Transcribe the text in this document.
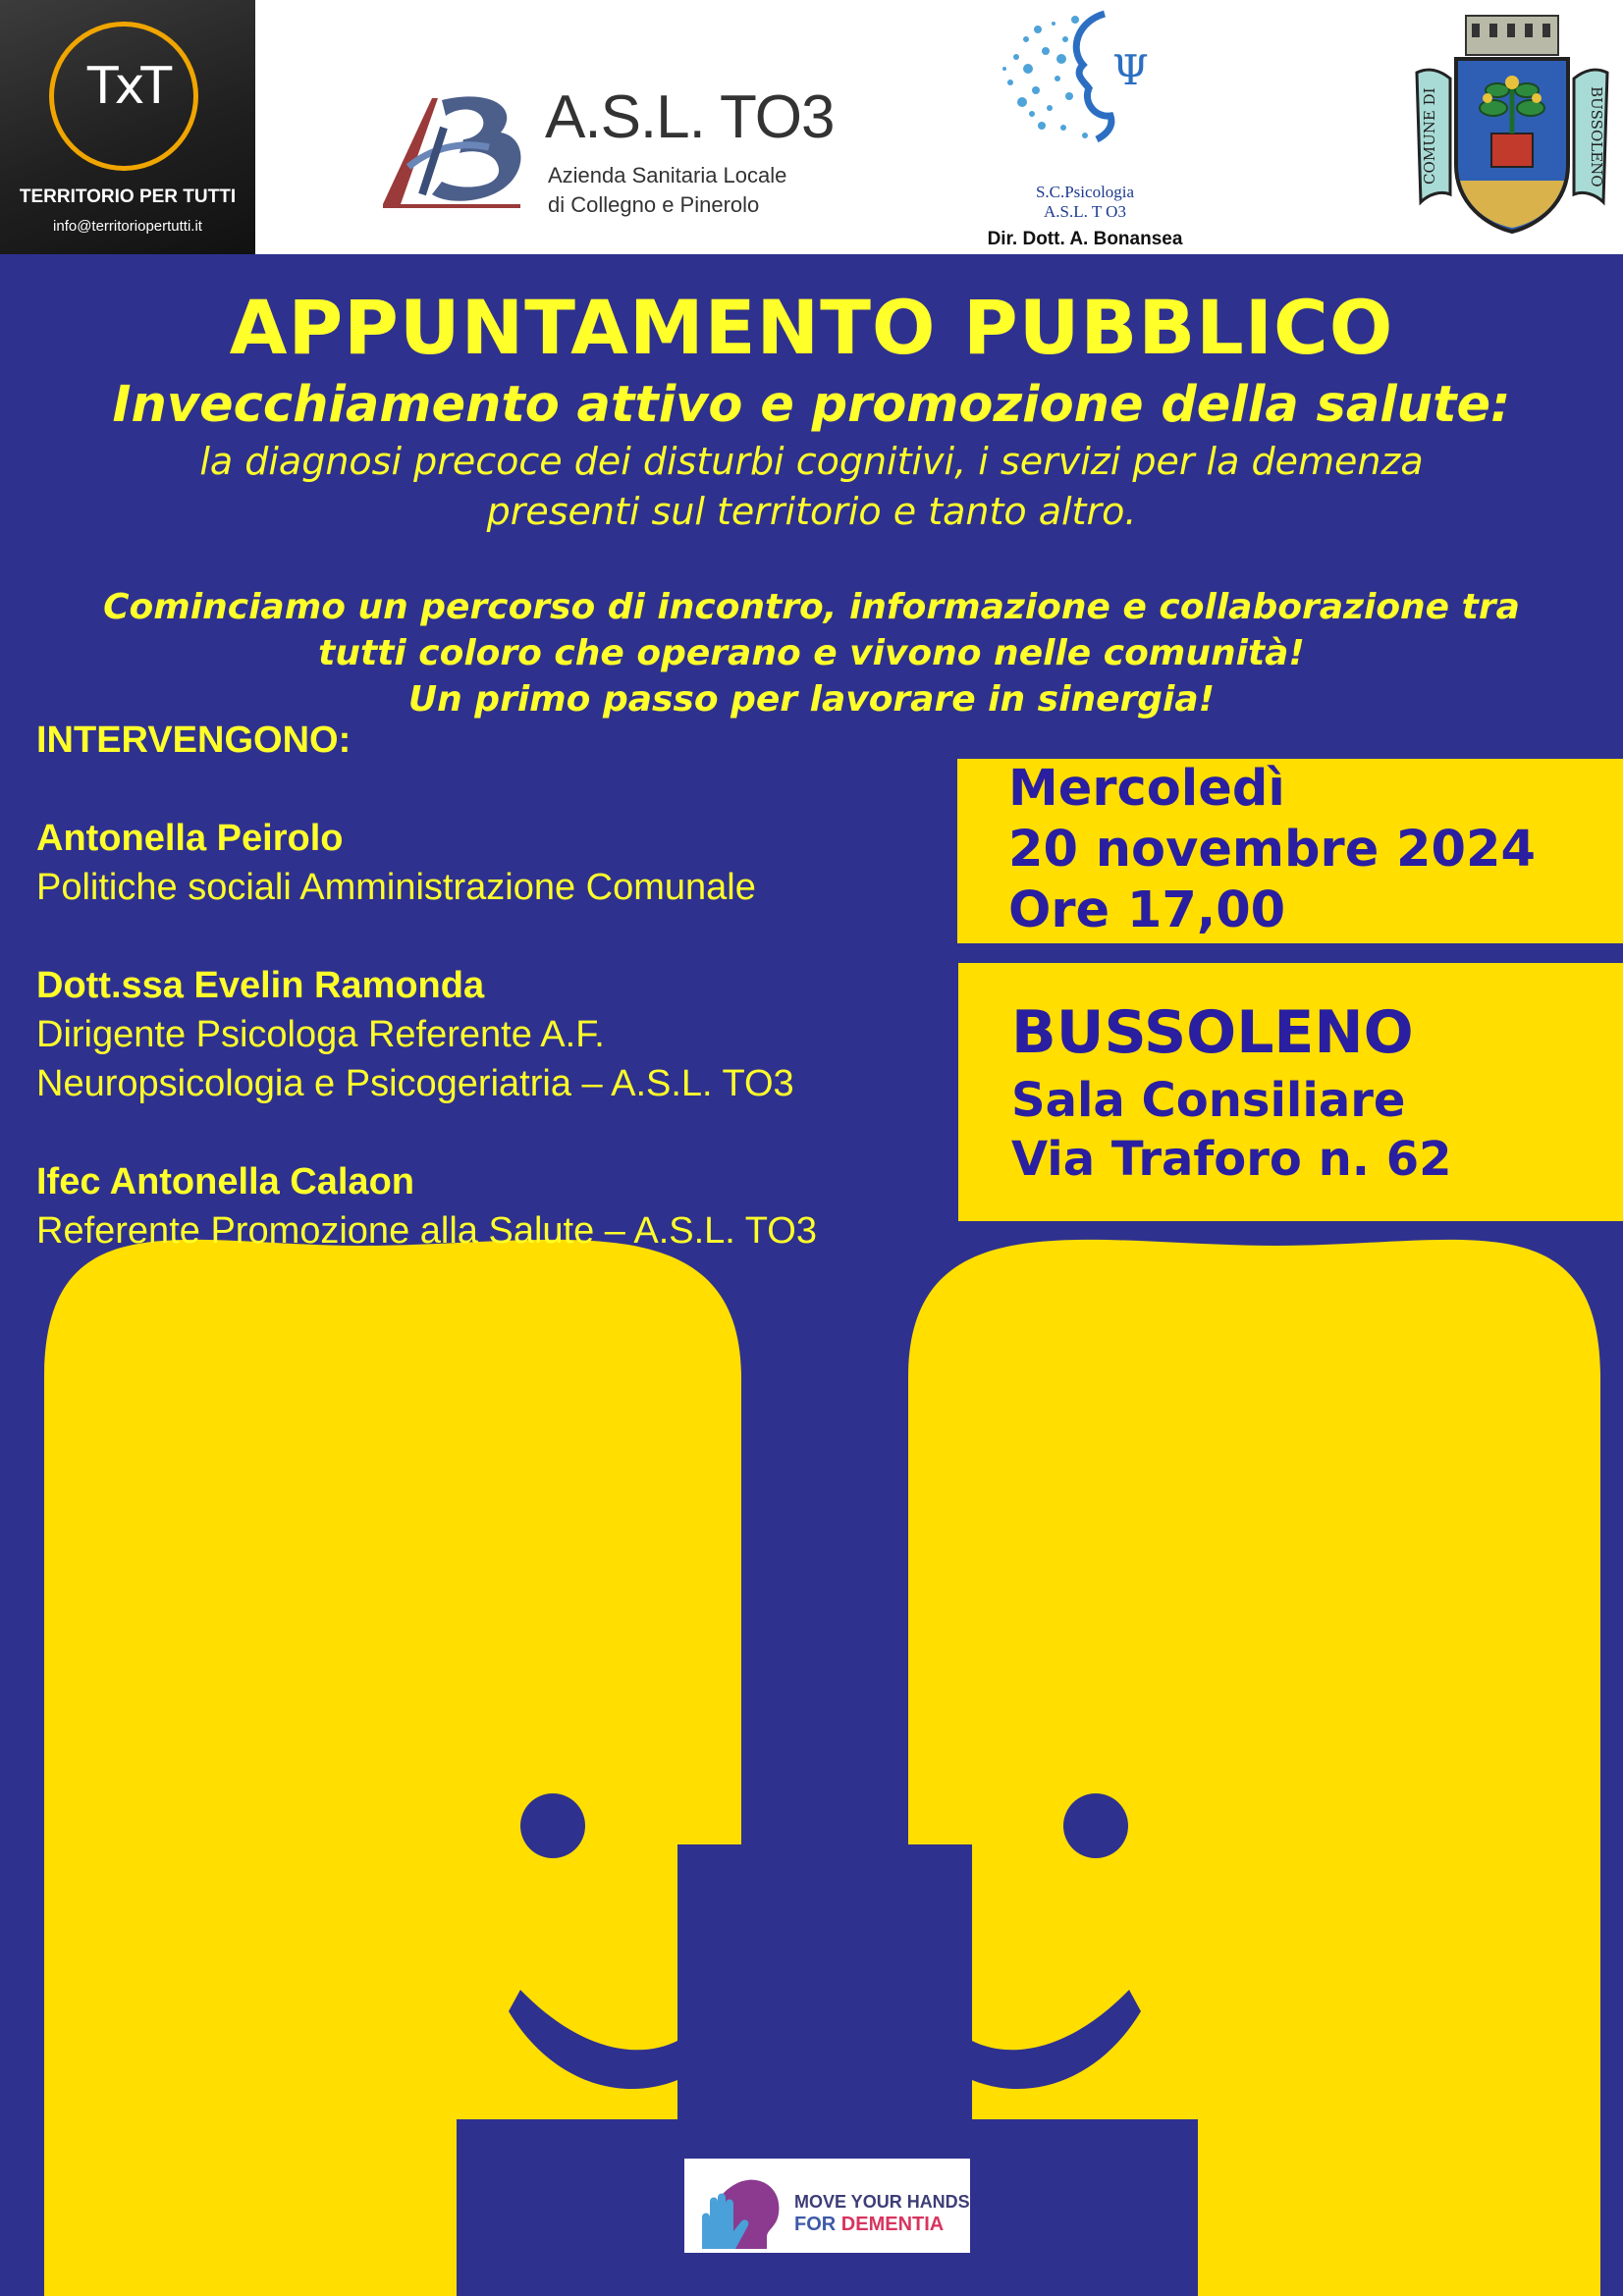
TxT
TERRITORIO PER TUTTI
info@territoriopertutti.it
A.S.L. TO3
Azienda Sanitaria Locale
di Collegno e Pinerolo
Ψ
S.C.Psicologia
A.S.L. T O3
Dir. Dott. A. Bonansea
COMUNE DI	BUSSOLENO
APPUNTAMENTO PUBBLICO
Invecchiamento attivo e promozione della salute:
la diagnosi precoce dei disturbi cognitivi, i servizi per la demenza
presenti sul territorio e tanto altro.
Cominciamo un percorso di incontro, informazione e collaborazione tra
tutti coloro che operano e vivono nelle comunità!
Un primo passo per lavorare in sinergia!
INTERVENGONO:
Antonella Peirolo
Politiche sociali Amministrazione Comunale
Dott.ssa Evelin Ramonda
Dirigente Psicologa Referente A.F.
Neuropsicologia e Psicogeriatria – A.S.L. TO3
Ifec Antonella Calaon
Referente Promozione alla Salute – A.S.L. TO3
Mercoledì
20 novembre 2024
Ore 17,00
BUSSOLENO
Sala Consiliare
Via Traforo n. 62
MOVE YOUR HANDS
FOR DEMENTIA
